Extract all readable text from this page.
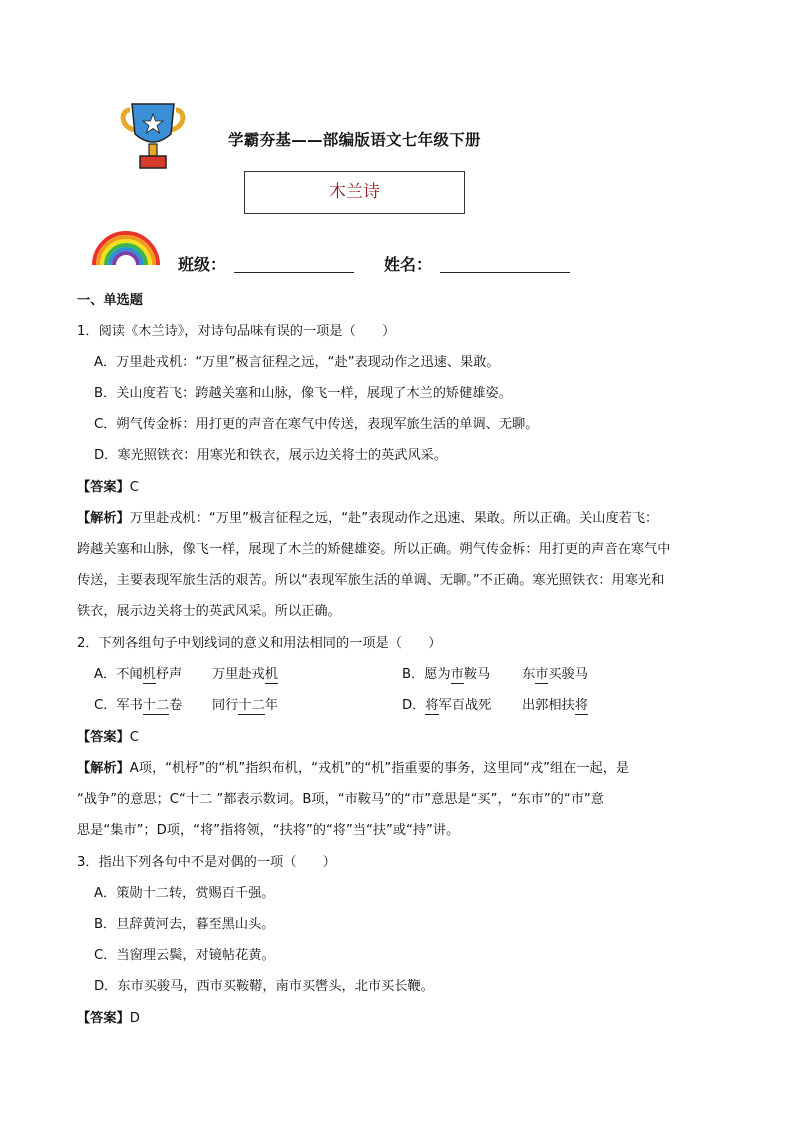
学霸夯基——部编版语文七年级下册
木兰诗
班级：	姓名：
一、单选题
1．阅读《木兰诗》，对诗句品味有误的一项是（　　）
A．万里赴戎机：“万里”极言征程之远，“赴”表现动作之迅速、果敢。
B．关山度若飞：跨越关塞和山脉，像飞一样，展现了木兰的矫健雄姿。
C．朔气传金柝：用打更的声音在寒气中传送，表现军旅生活的单调、无聊。
D．寒光照铁衣：用寒光和铁衣，展示边关将士的英武风采。
【答案】C
【解析】万里赴戎机：“万里”极言征程之远，“赴”表现动作之迅速、果敢。所以正确。关山度若飞：
跨越关塞和山脉，像飞一样，展现了木兰的矫健雄姿。所以正确。朔气传金柝：用打更的声音在寒气中
传送，主要表现军旅生活的艰苦。所以“表现军旅生活的单调、无聊。”不正确。寒光照铁衣：用寒光和
铁衣，展示边关将士的英武风采。所以正确。
2．下列各组句子中划线词的意义和用法相同的一项是（　　）
A．不闻机杼声 万里赴戎机	B．愿为市鞍马 东市买骏马
C．军书十二卷 同行十二年	D．将军百战死 出郭相扶将
【答案】C
【解析】A项，“机杼”的“机”指织布机，“戎机”的“机”指重要的事务，这里同“戎”组在一起，是
“战争”的意思；C“十二 ”都表示数词。B项，“市鞍马”的“市”意思是“买”，“东市”的“市”意
思是“集市”；D项，“将”指将领，“扶将”的“将”当“扶”或“持”讲。
3．指出下列各句中不是对偶的一项（　　）
A．策勋十二转，赏赐百千强。
B．旦辞黄河去，暮至黑山头。
C．当窗理云鬓，对镜帖花黄。
D．东市买骏马，西市买鞍鞯，南市买辔头，北市买长鞭。
【答案】D
